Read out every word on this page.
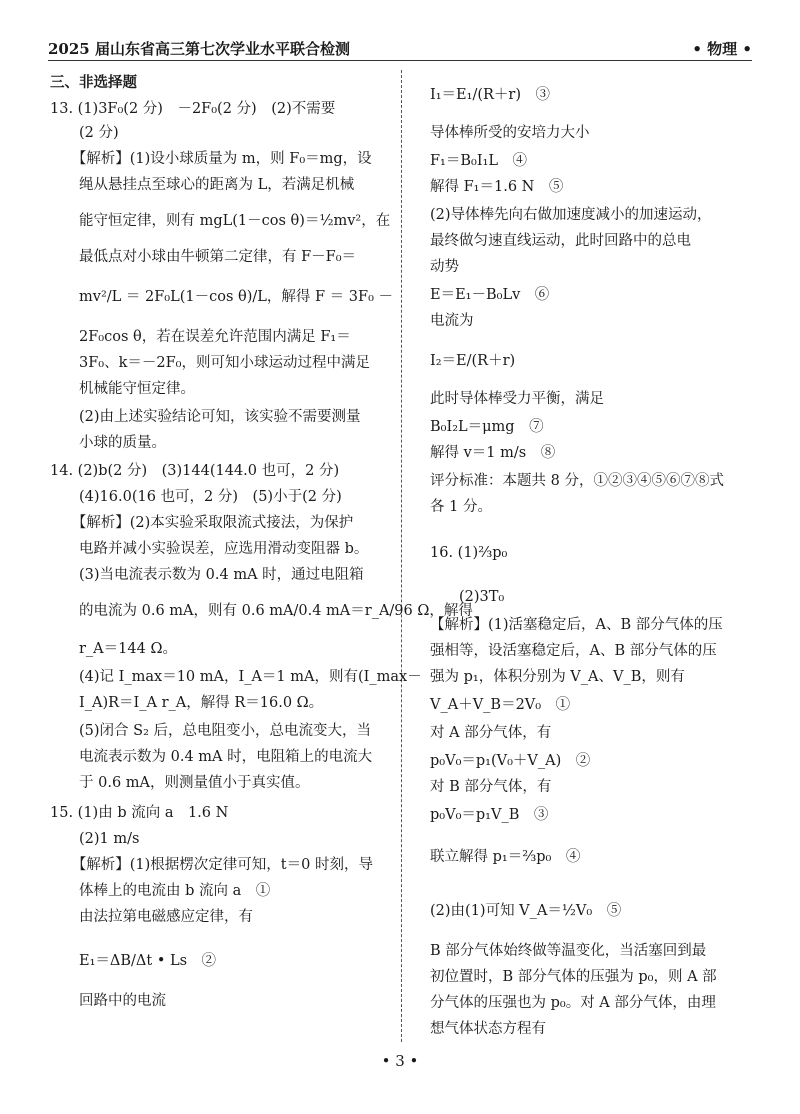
2025 届山东省高三第七次学业水平联合检测	• 物理 •
三、非选择题
13. (1)3F₀(2 分)　－2F₀(2 分)　(2)不需要
　　(2 分)
　　【解析】(1)设小球质量为 m，则 F₀＝mg，设
　　绳从悬挂点至球心的距离为 L，若满足机械
　　能守恒定律，则有 mgL(1－cos θ)＝½mv²，在
　　最低点对小球由牛顿第二定律，有 F－F₀＝
　　mv²/L ＝ 2F₀L(1－cos θ)/L，解得 F ＝ 3F₀ －
　　2F₀cos θ，若在误差允许范围内满足 F₁＝
　　3F₀、k＝－2F₀，则可知小球运动过程中满足
　　机械能守恒定律。
　　(2)由上述实验结论可知，该实验不需要测量
　　小球的质量。
14. (2)b(2 分)　(3)144(144.0 也可，2 分)
　　(4)16.0(16 也可，2 分)　(5)小于(2 分)
　　【解析】(2)本实验采取限流式接法，为保护
　　电路并减小实验误差，应选用滑动变阻器 b。
　　(3)当电流表示数为 0.4 mA 时，通过电阻箱
　　的电流为 0.6 mA，则有 0.6 mA/0.4 mA＝r_A/96 Ω，解得
　　r_A＝144 Ω。
　　(4)记 I_max＝10 mA，I_A＝1 mA，则有(I_max－
　　I_A)R＝I_A r_A，解得 R＝16.0 Ω。
　　(5)闭合 S₂ 后，总电阻变小，总电流变大，当
　　电流表示数为 0.4 mA 时，电阻箱上的电流大
　　于 0.6 mA，则测量值小于真实值。
15. (1)由 b 流向 a　1.6 N
　　(2)1 m/s
　　【解析】(1)根据楞次定律可知，t＝0 时刻，导
　　体棒上的电流由 b 流向 a　①
　　由法拉第电磁感应定律，有
　　E₁＝ΔB/Δt • Ls　②
　　回路中的电流
I₁＝E₁/(R＋r)　③
导体棒所受的安培力大小
F₁＝B₀I₁L　④
解得 F₁＝1.6 N　⑤
(2)导体棒先向右做加速度减小的加速运动，
最终做匀速直线运动，此时回路中的总电
动势
E＝E₁－B₀Lv　⑥
电流为
I₂＝E/(R＋r)
此时导体棒受力平衡，满足
B₀I₂L＝μmg　⑦
解得 v＝1 m/s　⑧
评分标准：本题共 8 分，①②③④⑤⑥⑦⑧式
各 1 分。
16. (1)⅔p₀
　　(2)3T₀
【解析】(1)活塞稳定后，A、B 部分气体的压
强相等，设活塞稳定后，A、B 部分气体的压
强为 p₁，体积分别为 V_A、V_B，则有
V_A＋V_B＝2V₀　①
对 A 部分气体，有
p₀V₀＝p₁(V₀＋V_A)　②
对 B 部分气体，有
p₀V₀＝p₁V_B　③
联立解得 p₁＝⅔p₀　④
(2)由(1)可知 V_A＝½V₀　⑤
B 部分气体始终做等温变化，当活塞回到最
初位置时，B 部分气体的压强为 p₀，则 A 部
分气体的压强也为 p₀。对 A 部分气体，由理
想气体状态方程有
• 3 •
